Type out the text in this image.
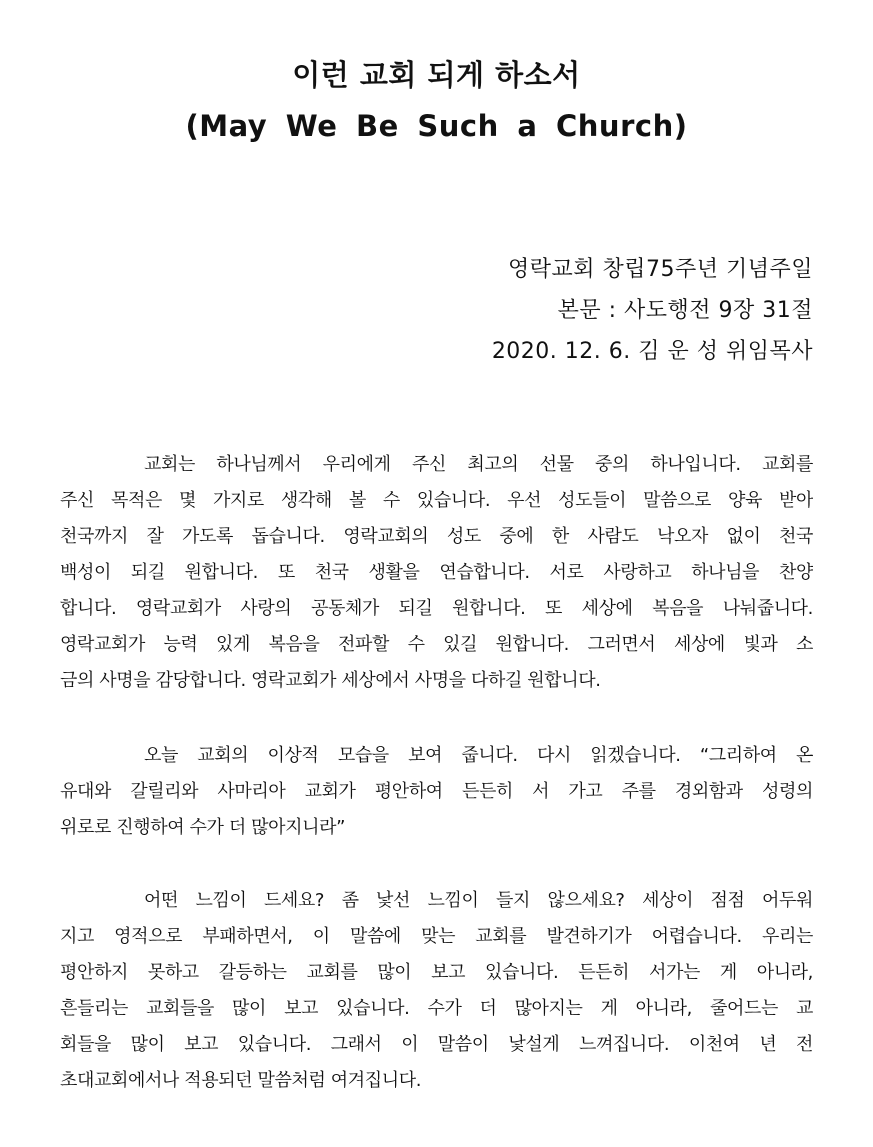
이런 교회 되게 하소서
(May We Be Such a Church)
영락교회 창립75주년 기념주일
본문 : 사도행전 9장 31절
2020. 12. 6. 김 운 성 위임목사
교회는 하나님께서 우리에게 주신 최고의 선물 중의 하나입니다. 교회를
주신 목적은 몇 가지로 생각해 볼 수 있습니다. 우선 성도들이 말씀으로 양육 받아
천국까지 잘 가도록 돕습니다. 영락교회의 성도 중에 한 사람도 낙오자 없이 천국
백성이 되길 원합니다. 또 천국 생활을 연습합니다. 서로 사랑하고 하나님을 찬양
합니다. 영락교회가 사랑의 공동체가 되길 원합니다. 또 세상에 복음을 나눠줍니다.
영락교회가 능력 있게 복음을 전파할 수 있길 원합니다. 그러면서 세상에 빛과 소
금의 사명을 감당합니다. 영락교회가 세상에서 사명을 다하길 원합니다.
오늘 교회의 이상적 모습을 보여 줍니다. 다시 읽겠습니다. “그리하여 온
유대와 갈릴리와 사마리아 교회가 평안하여 든든히 서 가고 주를 경외함과 성령의
위로로 진행하여 수가 더 많아지니라”
어떤 느낌이 드세요? 좀 낯선 느낌이 들지 않으세요? 세상이 점점 어두워
지고 영적으로 부패하면서, 이 말씀에 맞는 교회를 발견하기가 어렵습니다. 우리는
평안하지 못하고 갈등하는 교회를 많이 보고 있습니다. 든든히 서가는 게 아니라,
흔들리는 교회들을 많이 보고 있습니다. 수가 더 많아지는 게 아니라, 줄어드는 교
회들을 많이 보고 있습니다. 그래서 이 말씀이 낯설게 느껴집니다. 이천여 년 전
초대교회에서나 적용되던 말씀처럼 여겨집니다.
